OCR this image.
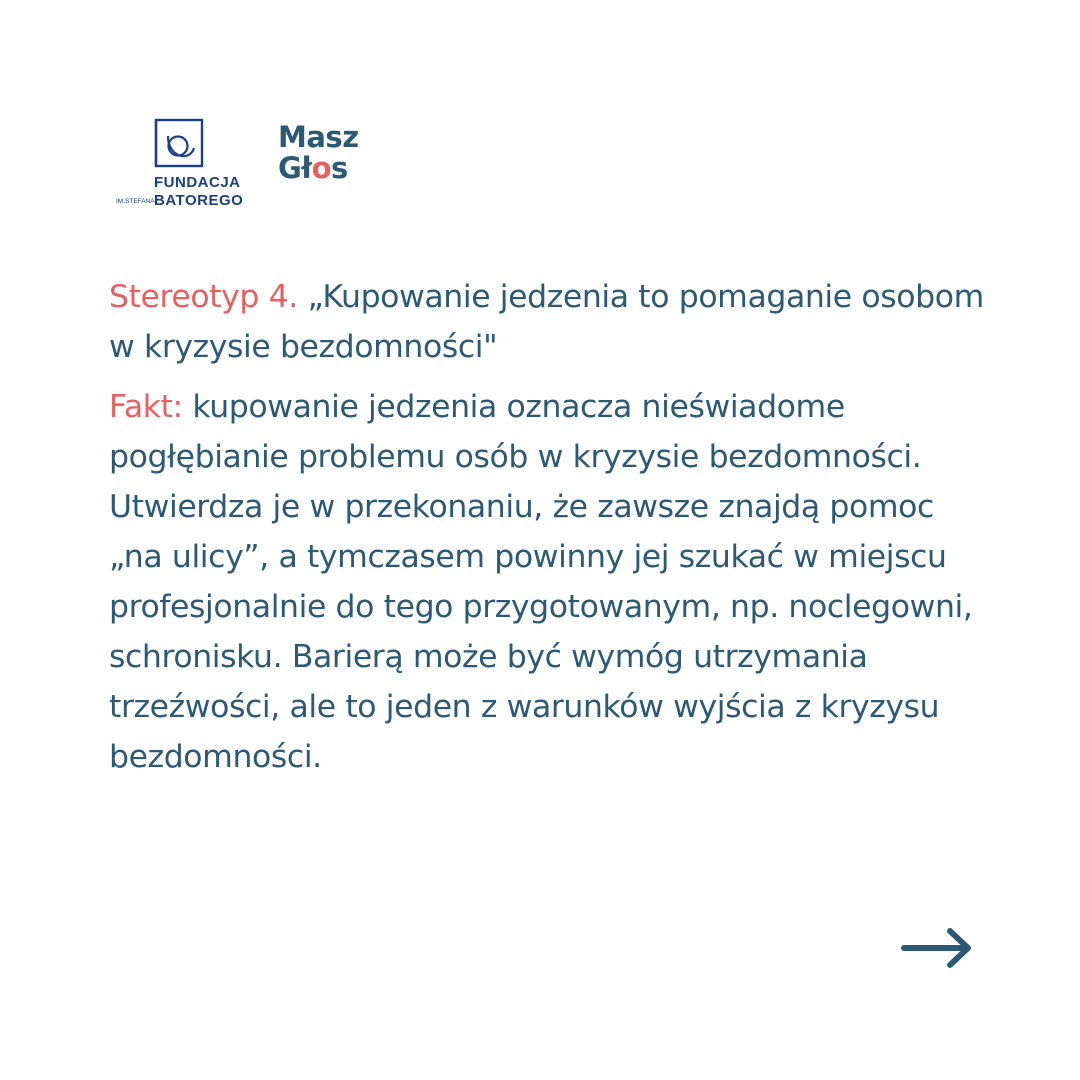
FUNDACJA
IM.STEFANA BATOREGO
Masz
Głos

Stereotyp 4. „Kupowanie jedzenia to pomaganie osobom w kryzysie bezdomności"

Fakt: kupowanie jedzenia oznacza nieświadome pogłębianie problemu osób w kryzysie bezdomności. Utwierdza je w przekonaniu, że zawsze znajdą pomoc „na ulicy”, a tymczasem powinny jej szukać w miejscu profesjonalnie do tego przygotowanym, np. noclegowni, schronisku. Barierą może być wymóg utrzymania trzeźwości, ale to jeden z warunków wyjścia z kryzysu bezdomności.
